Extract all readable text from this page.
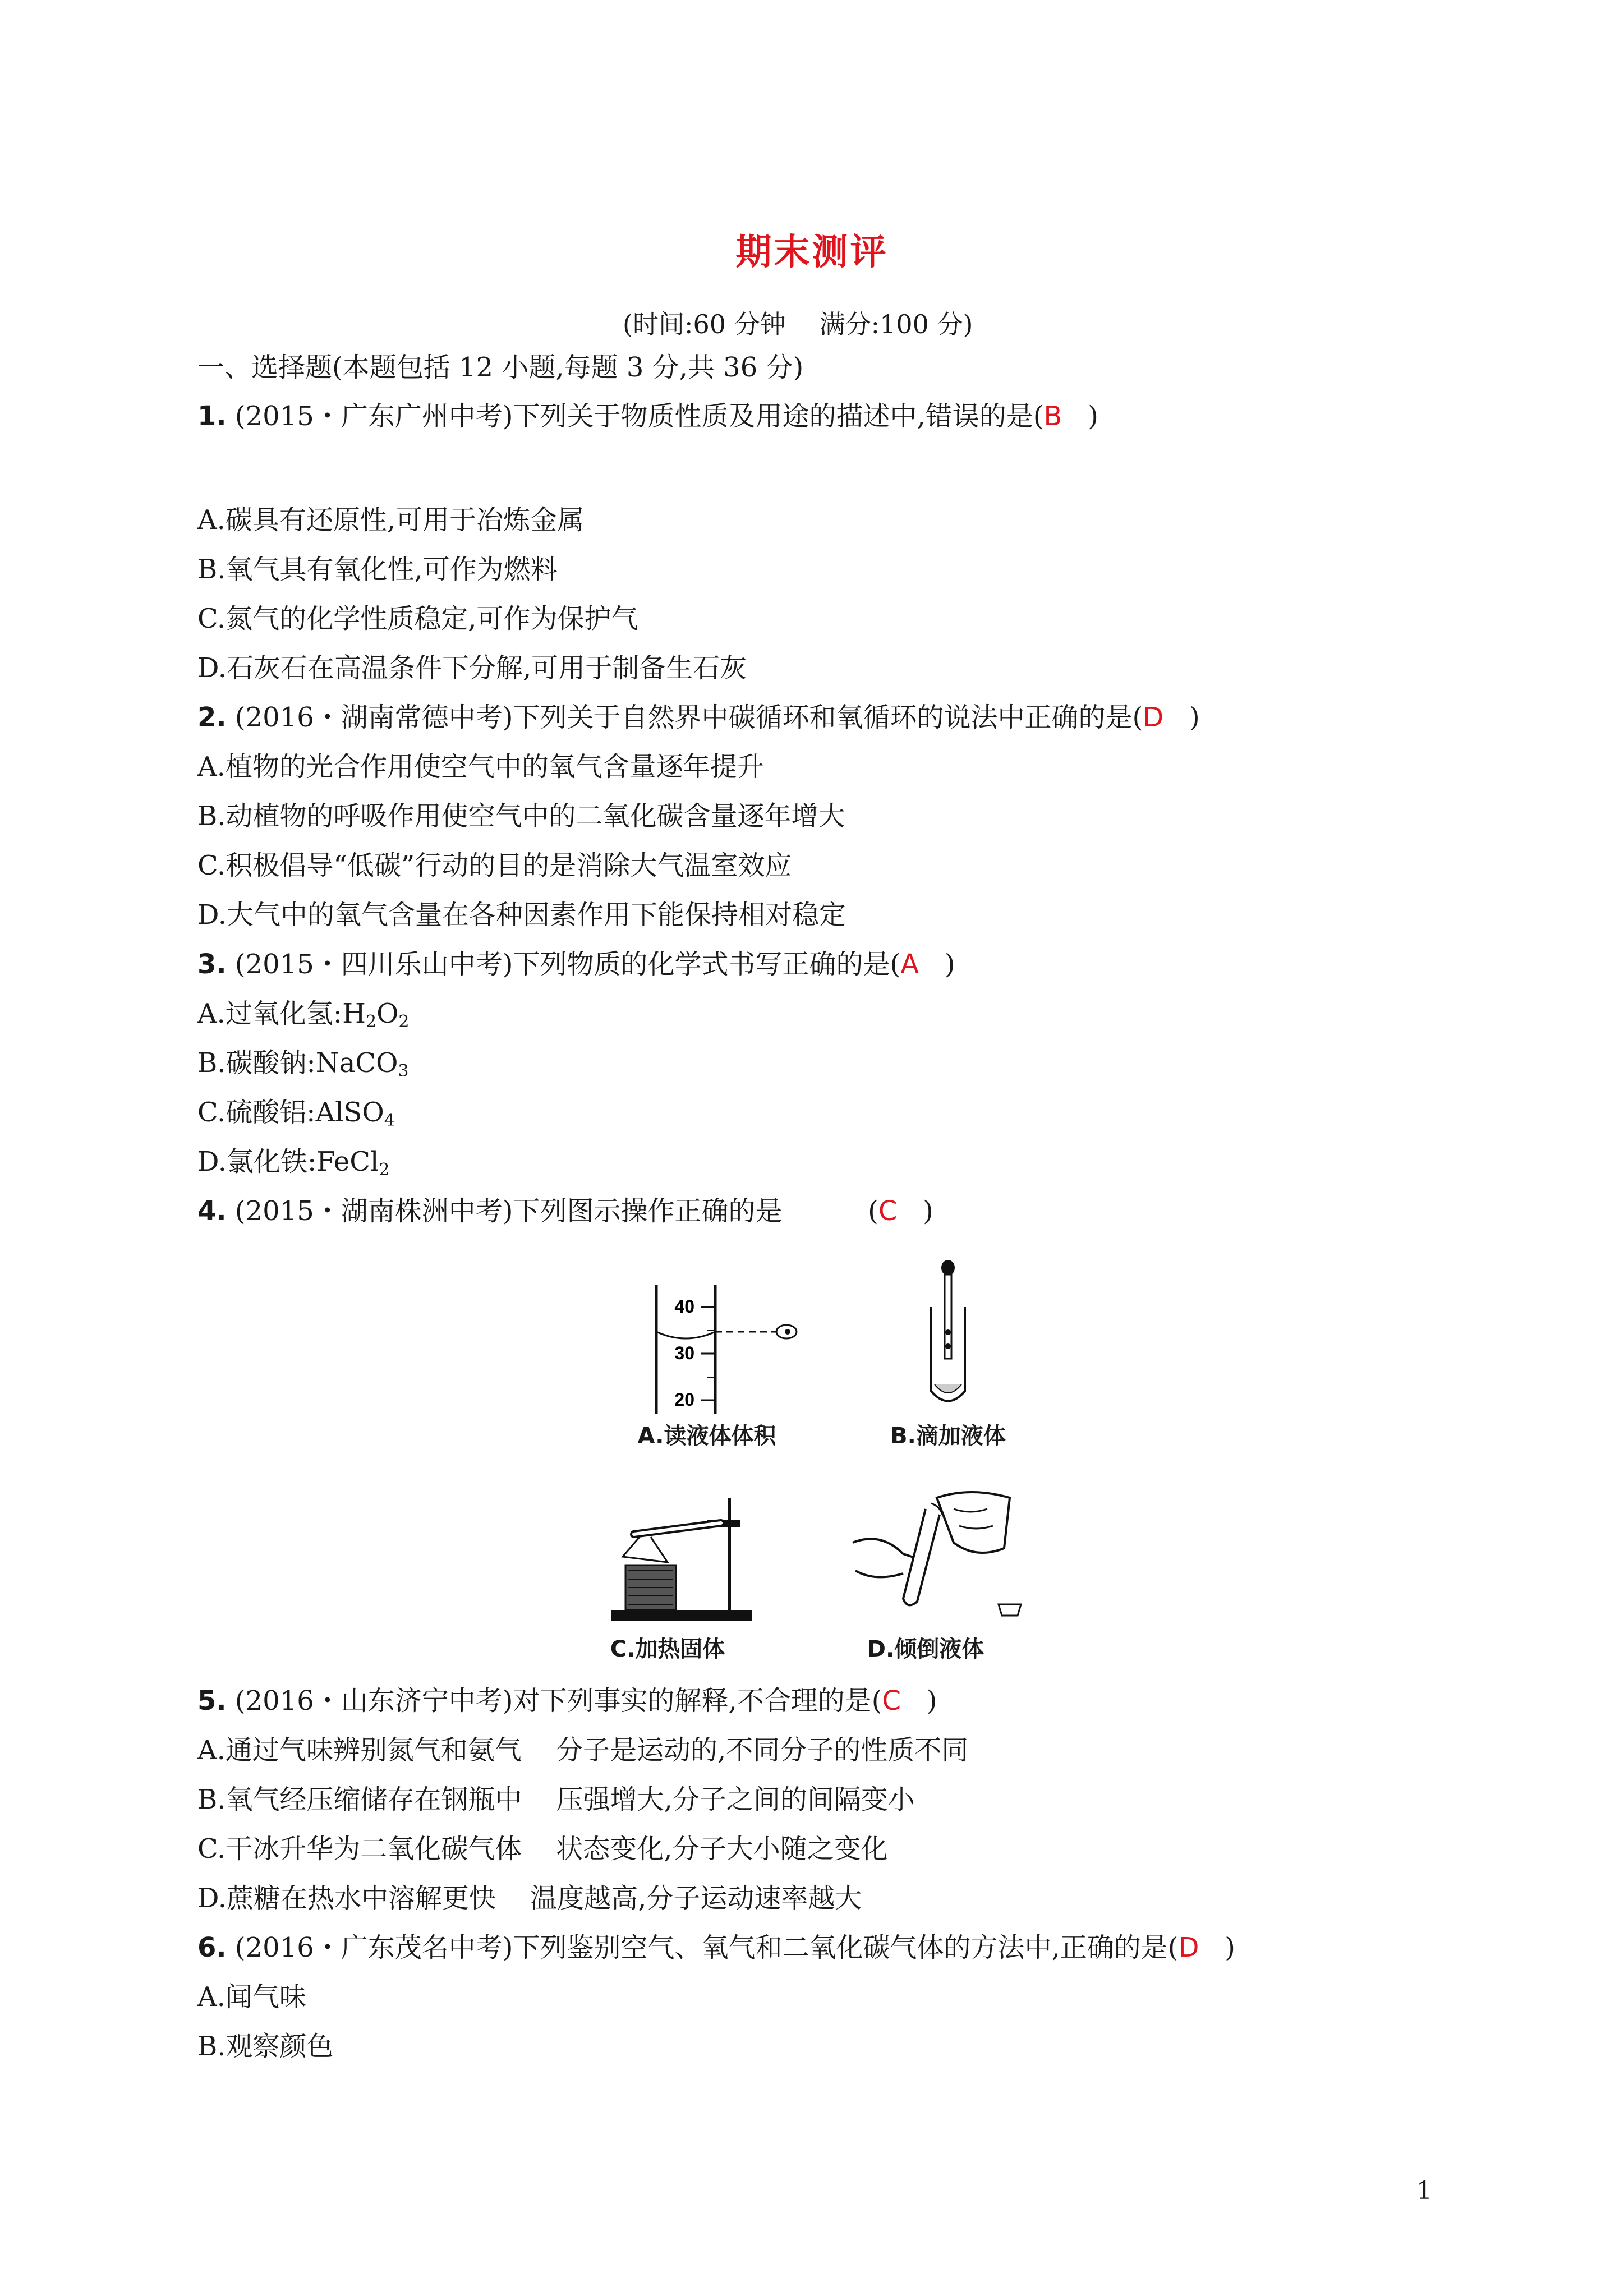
期末测评
(时间:60 分钟 满分:100 分)
一、选择题(本题包括 12 小题,每题 3 分,共 36 分)
1. (2015・广东广州中考)下列关于物质性质及用途的描述中,错误的是(B   )
A.碳具有还原性,可用于冶炼金属
B.氧气具有氧化性,可作为燃料
C.氮气的化学性质稳定,可作为保护气
D.石灰石在高温条件下分解,可用于制备生石灰
2. (2016・湖南常德中考)下列关于自然界中碳循环和氧循环的说法中正确的是(D   )
A.植物的光合作用使空气中的氧气含量逐年提升
B.动植物的呼吸作用使空气中的二氧化碳含量逐年增大
C.积极倡导“低碳”行动的目的是消除大气温室效应
D.大气中的氧气含量在各种因素作用下能保持相对稳定
3. (2015・四川乐山中考)下列物质的化学式书写正确的是(A   )
A.过氧化氢$:H_2O_2$
B.碳酸钠:NaCO$_3$
C.硫酸铝:AlSO$_4$
D.氯化铁:FeCl$_2$
4. (2015・湖南株洲中考)下列图示操作正确的是          (C   )
40
30
20
A.读液体体积	B.滴加液体
C.加热固体	D.倾倒液体
5. (2016・山东济宁中考)对下列事实的解释,不合理的是(C   )
A.通过气味辨别氮气和氨气    分子是运动的,不同分子的性质不同
B.氧气经压缩储存在钢瓶中    压强增大,分子之间的间隔变小
C.干冰升华为二氧化碳气体    状态变化,分子大小随之变化
D.蔗糖在热水中溶解更快    温度越高,分子运动速率越大
6. (2016・广东茂名中考)下列鉴别空气、氧气和二氧化碳气体的方法中,正确的是(D   )
A.闻气味
B.观察颜色
1
